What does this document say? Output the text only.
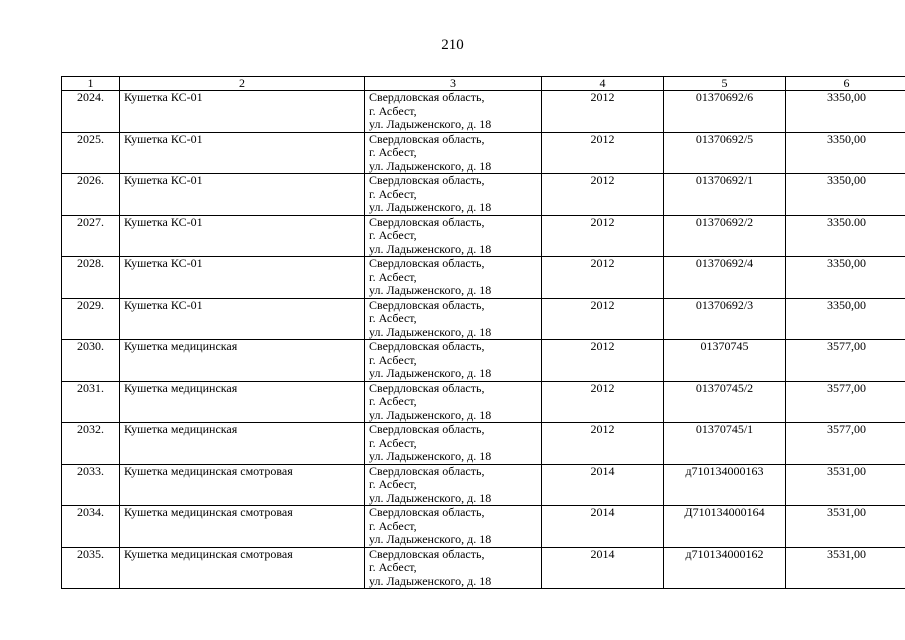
210
1	2	3	4	5	6
2024.	Кушетка КС-01	Свердловская область,
г. Асбест,
ул. Ладыженского, д. 18	2012	01370692/6	3350,00
2025.	Кушетка КС-01	Свердловская область,
г. Асбест,
ул. Ладыженского, д. 18	2012	01370692/5	3350,00
2026.	Кушетка КС-01	Свердловская область,
г. Асбест,
ул. Ладыженского, д. 18	2012	01370692/1	3350,00
2027.	Кушетка КС-01	Свердловская область,
г. Асбест,
ул. Ладыженского, д. 18	2012	01370692/2	3350.00
2028.	Кушетка КС-01	Свердловская область,
г. Асбест,
ул. Ладыженского, д. 18	2012	01370692/4	3350,00
2029.	Кушетка КС-01	Свердловская область,
г. Асбест,
ул. Ладыженского, д. 18	2012	01370692/3	3350,00
2030.	Кушетка медицинская	Свердловская область,
г. Асбест,
ул. Ладыженского, д. 18	2012	01370745	3577,00
2031.	Кушетка медицинская	Свердловская область,
г. Асбест,
ул. Ладыженского, д. 18	2012	01370745/2	3577,00
2032.	Кушетка медицинская	Свердловская область,
г. Асбест,
ул. Ладыженского, д. 18	2012	01370745/1	3577,00
2033.	Кушетка медицинская смотровая	Свердловская область,
г. Асбест,
ул. Ладыженского, д. 18	2014	д710134000163	3531,00
2034.	Кушетка медицинская смотровая	Свердловская область,
г. Асбест,
ул. Ладыженского, д. 18	2014	Д710134000164	3531,00
2035.	Кушетка медицинская смотровая	Свердловская область,
г. Асбест,
ул. Ладыженского, д. 18	2014	д710134000162	3531,00
